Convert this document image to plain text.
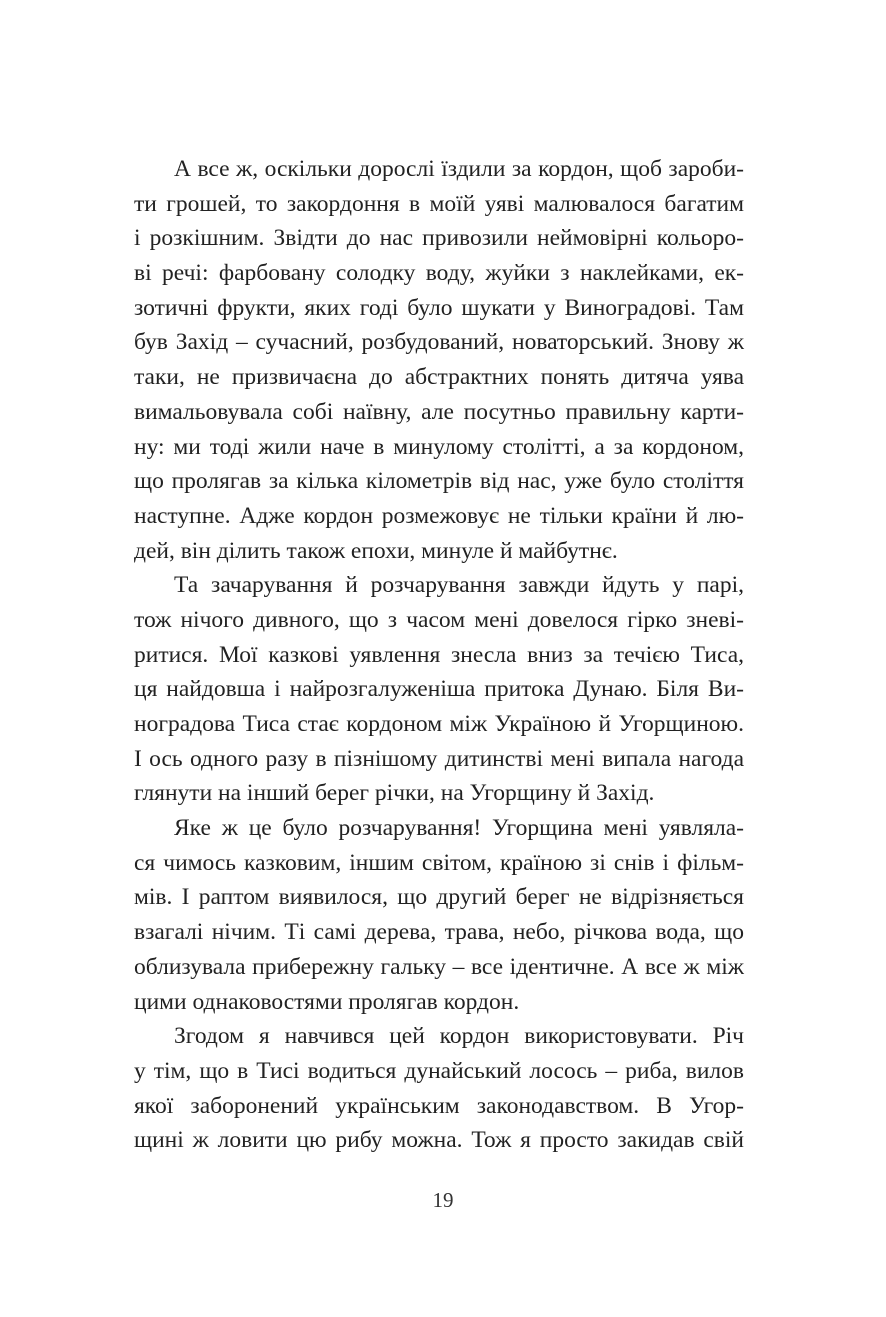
А все ж, оскільки дорослі їздили за кордон, щоб зароби-
ти грошей, то закордоння в моїй уяві малювалося багатим
і розкішним. Звідти до нас привозили неймовірні кольоро-
ві речі: фарбовану солодку воду, жуйки з наклейками, ек-
зотичні фрукти, яких годі було шукати у Виноградові. Там
був Захід – сучасний, розбудований, новаторський. Знову ж
таки, не призвичаєна до абстрактних понять дитяча уява
вимальовувала собі наївну, але посутньо правильну карти-
ну: ми тоді жили наче в минулому столітті, а за кордоном,
що пролягав за кілька кілометрів від нас, уже було століття
наступне. Адже кордон розмежовує не тільки країни й лю-
дей, він ділить також епохи, минуле й майбутнє.
Та зачарування й розчарування завжди йдуть у парі,
тож нічого дивного, що з часом мені довелося гірко зневі-
ритися. Мої казкові уявлення знесла вниз за течією Тиса,
ця найдовша і найрозгалуженіша притока Дунаю. Біля Ви-
ноградова Тиса стає кордоном між Україною й Угорщиною.
І ось одного разу в пізнішому дитинстві мені випала нагода
глянути на інший берег річки, на Угорщину й Захід.
Яке ж це було розчарування! Угорщина мені уявляла-
ся чимось казковим, іншим світом, країною зі снів і фільм-
мів. І раптом виявилося, що другий берег не відрізняється
взагалі нічим. Ті самі дерева, трава, небо, річкова вода, що
облизувала прибережну гальку – все ідентичне. А все ж між
цими однаковостями пролягав кордон.
Згодом я навчився цей кордон використовувати. Річ
у тім, що в Тисі водиться дунайський лосось – риба, вилов
якої заборонений українським законодавством. В Угор-
щині ж ловити цю рибу можна. Тож я просто закидав свій
19
